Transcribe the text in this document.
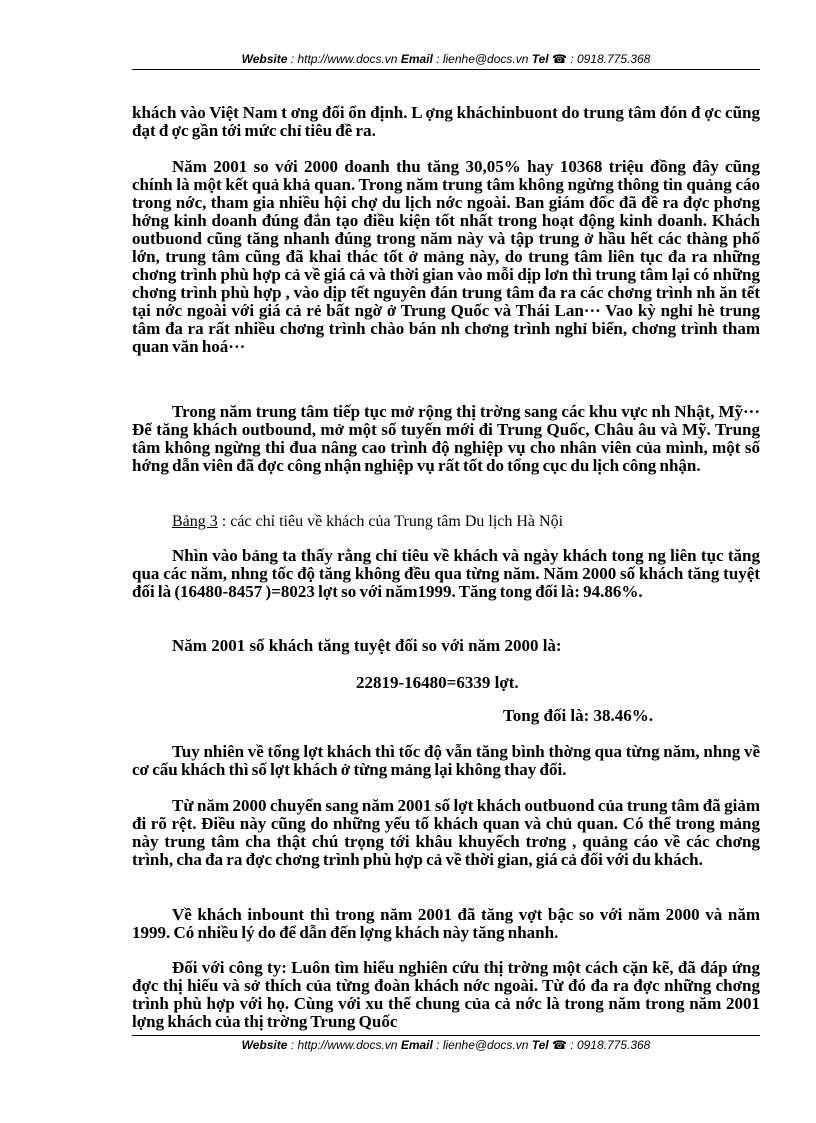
Website : http://www.docs.vn Email : lienhe@docs.vn Tel ☎ : 0918.775.368

khách vào Việt Nam t ơng đối ổn định. L ợng kháchinbuont do trung tâm đón đ ợc cũng đạt đ ợc gần tới mức chỉ tiêu đề ra.

Năm 2001 so với 2000 doanh thu tăng 30,05% hay 10368 triệu đồng đây cũng chính là một kết quả khả quan. Trong năm trung tâm không ngừng thông tin quảng cáo trong nớc, tham gia nhiều hội chợ du lịch nớc ngoài. Ban giám đốc đã đề ra đợc phơng hớng kinh doanh đúng đắn tạo điều kiện tốt nhất trong hoạt động kinh doanh. Khách outbuond cũng tăng nhanh đúng trong năm này và tập trung ở hầu hết các thàng phố lớn, trung tâm cũng đã khai thác tốt ở mảng này, do trung tâm liên tục đa ra những chơng trình phù hợp cả về giá cả và thời gian vào mỗi dịp lơn thì trung tâm lại có những chơng trình phù hợp , vào dịp tết nguyên đán trung tâm đa ra các chơng trình nh ăn tết tại nớc ngoài với giá cả rẻ bất ngờ ở Trung Quốc và Thái Lan··· Vao kỳ nghỉ hè trung tâm đa ra rất nhiều chơng trình chào bán nh chơng trình nghỉ biển, chơng trình tham quan văn hoá···

Trong năm trung tâm tiếp tục mở rộng thị trờng sang các khu vực nh Nhật, Mỹ··· Để tăng khách outbound, mở một số tuyến mới đi Trung Quốc, Châu âu và Mỹ. Trung tâm không ngừng thi đua nâng cao trình độ nghiệp vụ cho nhân viên của mình, một số hớng dẫn viên đã đợc công nhận nghiệp vụ rất tốt do tổng cục du lịch công nhận.

Bảng 3 : các chỉ tiêu về khách của Trung tâm Du lịch Hà Nội

Nhìn vào bảng ta thấy rằng chỉ tiêu về khách và ngày khách tong ng liên tục tăng qua các năm, nhng tốc độ tăng không đều qua từng năm. Năm 2000 số khách tăng tuyệt đối là (16480-8457 )=8023 lợt so với năm1999. Tăng tong đối là: 94.86%.

Năm 2001 số khách tăng tuyệt đối so với năm 2000 là:
22819-16480=6339 lợt.
Tong đối là: 38.46%.

Tuy nhiên về tổng lợt khách thì tốc độ vẫn tăng bình thờng qua từng năm, nhng về cơ cấu khách thì số lợt khách ở từng mảng lại không thay đổi.

Từ năm 2000 chuyển sang năm 2001 số lợt khách outbuond của trung tâm đã giảm đi rõ rệt. Điều này cũng do những yếu tố khách quan và chủ quan. Có thể trong mảng này trung tâm cha thật chú trọng tới khâu khuyếch trơng , quảng cáo về các chơng trình, cha đa ra đợc chơng trình phù hợp cả về thời gian, giá cả đối với du khách.

Về khách inbount thì trong năm 2001 đã tăng vợt bậc so với năm 2000 và năm 1999. Có nhiều lý do để dẫn đến lợng khách này tăng nhanh.

Đối với công ty: Luôn tìm hiểu nghiên cứu thị trờng một cách cặn kẽ, đã đáp ứng đợc thị hiếu và sở thích của từng đoàn khách nớc ngoài. Từ đó đa ra đợc những chơng trình phù hợp với họ. Cùng với xu thế chung của cả nớc là trong năm trong năm 2001 lợng khách của thị trờng Trung Quốc

Website : http://www.docs.vn Email : lienhe@docs.vn Tel ☎ : 0918.775.368
